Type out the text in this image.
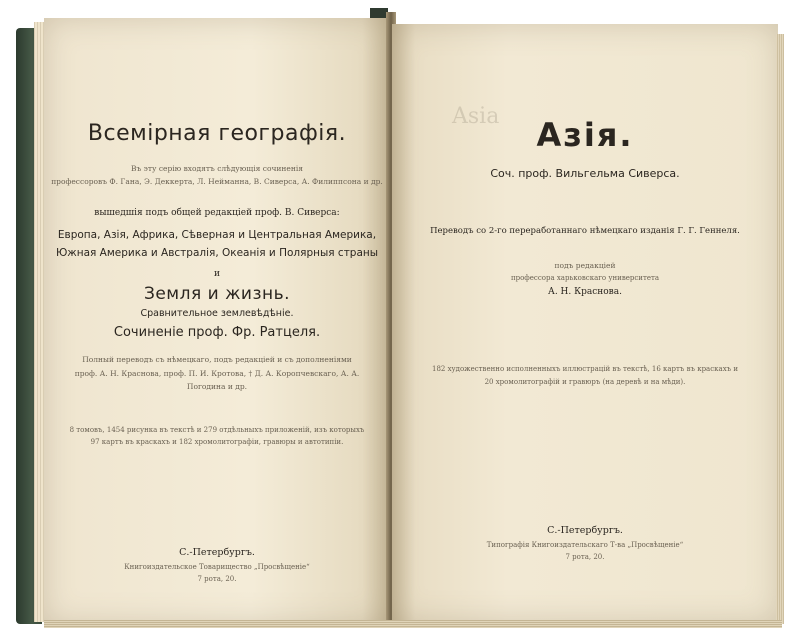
Всемірная географія.
Въ эту серію входятъ слѣдующія сочиненія
профессоровъ Ф. Гана, Э. Деккерта, Л. Нейманна, В. Сиверса, А. Филиппсона и др.
вышедшія подъ общей редакціей проф. В. Сиверса:
Европа, Азія, Африка, Сѣверная и Центральная Америка,
Южная Америка и Австралія, Океанія и Полярныя страны
и
Земля и жизнь.
Сравнительное землевѣдѣніе.
Сочиненіе проф. Фр. Ратцеля.
Полный переводъ съ нѣмецкаго, подъ редакціей и съ дополненіями
проф. А. Н. Краснова, проф. П. И. Кротова, † Д. А. Коропчевскаго, А. А.
Погодина и др.
8 томовъ, 1454 рисунка въ текстѣ и 279 отдѣльныхъ приложеній, изъ которыхъ
97 картъ въ краскахъ и 182 хромолитографіи, гравюры и автотипіи.
С.-Петербургъ.
Книгоиздательское Товарищество „Просвѣщеніе“
7 рота, 20.
Asia	Азія.
Соч. проф. Вильгельма Сиверса.
Переводъ со 2-го переработаннаго нѣмецкаго изданія Г. Г. Геннеля.
подъ редакціей
профессора харьковскаго университета
А. Н. Краснова.
182 художественно исполненныхъ иллюстрацій въ текстѣ, 16 картъ въ краскахъ и
20 хромолитографій и гравюръ (на деревѣ и на мѣди).
С.-Петербургъ.
Типографія Книгоиздательскаго Т-ва „Просвѣщеніе“
7 рота, 20.
